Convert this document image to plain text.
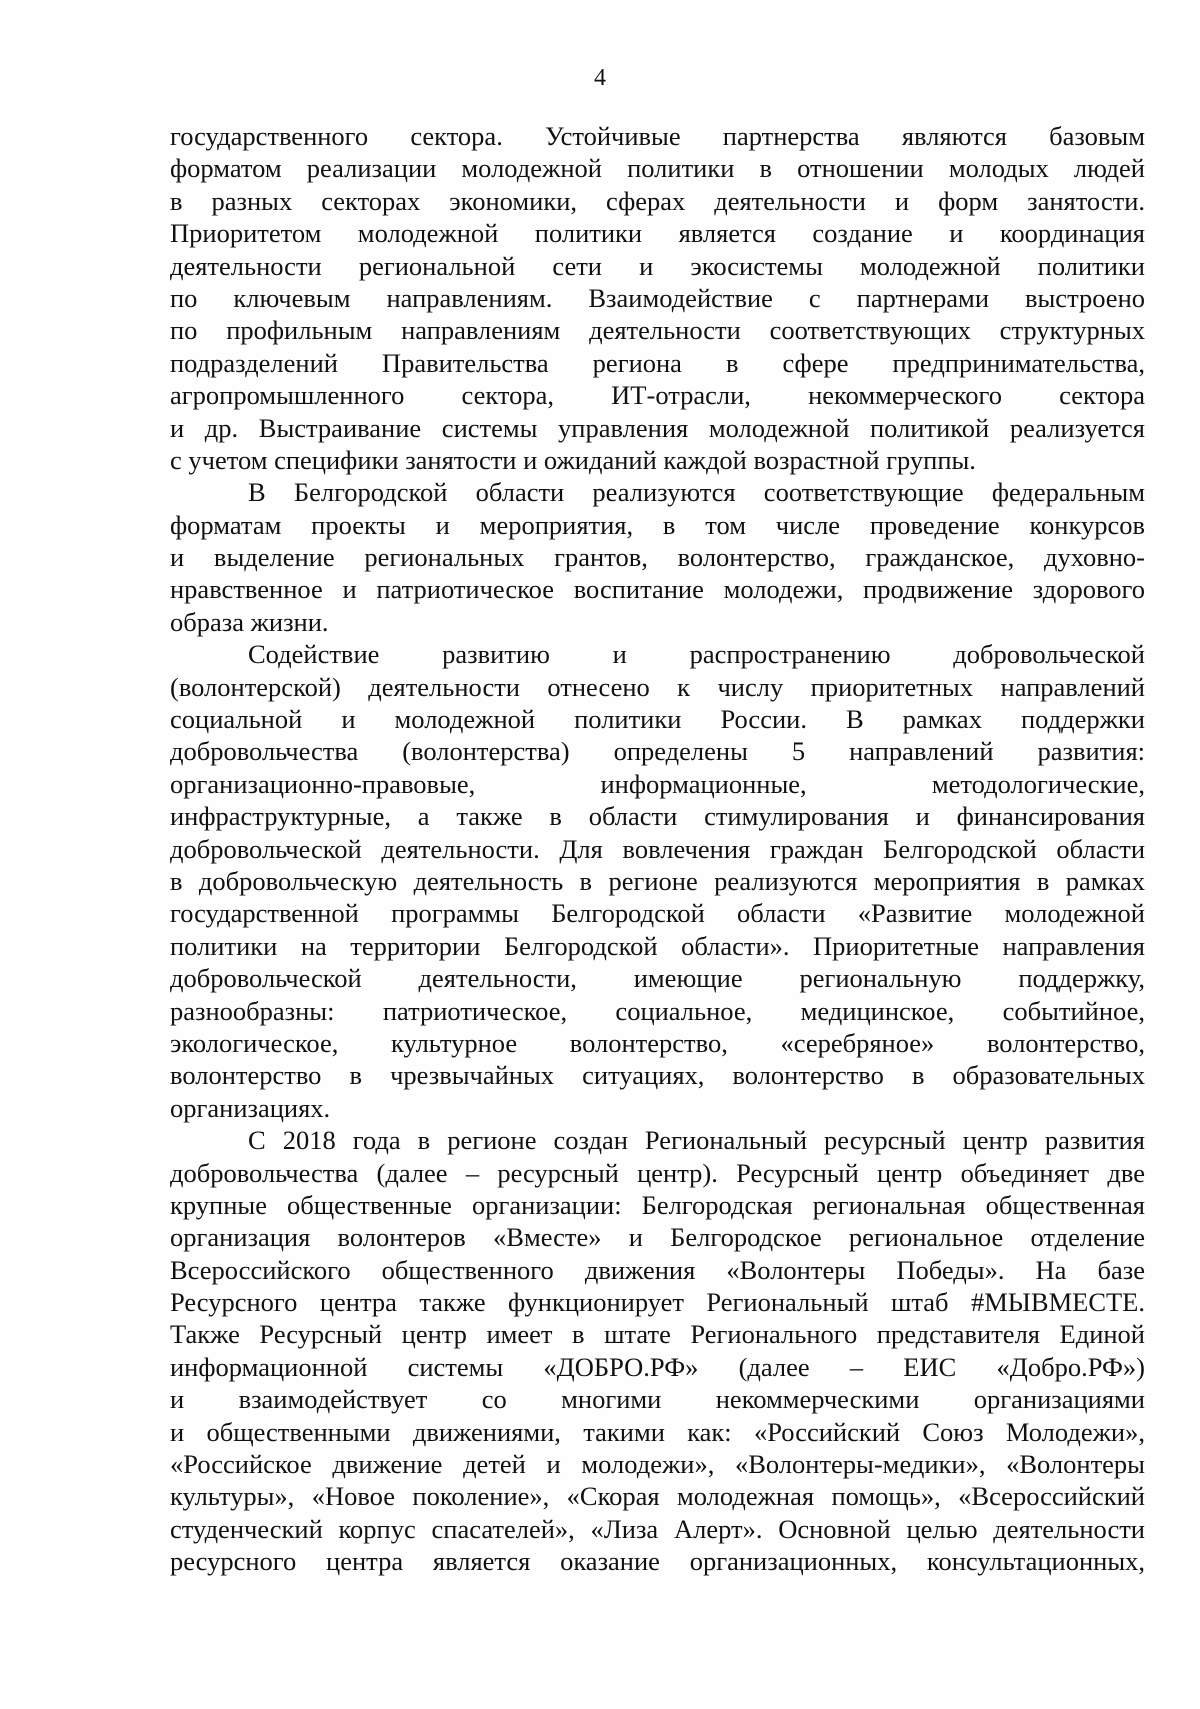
4

государственного сектора. Устойчивые партнерства являются базовым
форматом реализации молодежной политики в отношении молодых людей
в разных секторах экономики, сферах деятельности и форм занятости.
Приоритетом молодежной политики является создание и координация
деятельности региональной сети и экосистемы молодежной политики
по ключевым направлениям. Взаимодействие с партнерами выстроено
по профильным направлениям деятельности соответствующих структурных
подразделений Правительства региона в сфере предпринимательства,
агропромышленного сектора, ИТ-отрасли, некоммерческого сектора
и др. Выстраивание системы управления молодежной политикой реализуется
с учетом специфики занятости и ожиданий каждой возрастной группы.

В Белгородской области реализуются соответствующие федеральным
форматам проекты и мероприятия, в том числе проведение конкурсов
и выделение региональных грантов, волонтерство, гражданское, духовно-
нравственное и патриотическое воспитание молодежи, продвижение здорового
образа жизни.

Содействие развитию и распространению добровольческой
(волонтерской) деятельности отнесено к числу приоритетных направлений
социальной и молодежной политики России. В рамках поддержки
добровольчества (волонтерства) определены 5 направлений развития:
организационно-правовые, информационные, методологические,
инфраструктурные, а также в области стимулирования и финансирования
добровольческой деятельности. Для вовлечения граждан Белгородской области
в добровольческую деятельность в регионе реализуются мероприятия в рамках
государственной программы Белгородской области «Развитие молодежной
политики на территории Белгородской области». Приоритетные направления
добровольческой деятельности, имеющие региональную поддержку,
разнообразны: патриотическое, социальное, медицинское, событийное,
экологическое, культурное волонтерство, «серебряное» волонтерство,
волонтерство в чрезвычайных ситуациях, волонтерство в образовательных
организациях.

С 2018 года в регионе создан Региональный ресурсный центр развития
добровольчества (далее – ресурсный центр). Ресурсный центр объединяет две
крупные общественные организации: Белгородская региональная общественная
организация волонтеров «Вместе» и Белгородское региональное отделение
Всероссийского общественного движения «Волонтеры Победы». На базе
Ресурсного центра также функционирует Региональный штаб #МЫВМЕСТЕ.
Также Ресурсный центр имеет в штате Регионального представителя Единой
информационной системы «ДОБРО.РФ» (далее – ЕИС «Добро.РФ»)
и взаимодействует со многими некоммерческими организациями
и общественными движениями, такими как: «Российский Союз Молодежи»,
«Российское движение детей и молодежи», «Волонтеры-медики», «Волонтеры
культуры», «Новое поколение», «Скорая молодежная помощь», «Всероссийский
студенческий корпус спасателей», «Лиза Алерт». Основной целью деятельности
ресурсного центра является оказание организационных, консультационных,
